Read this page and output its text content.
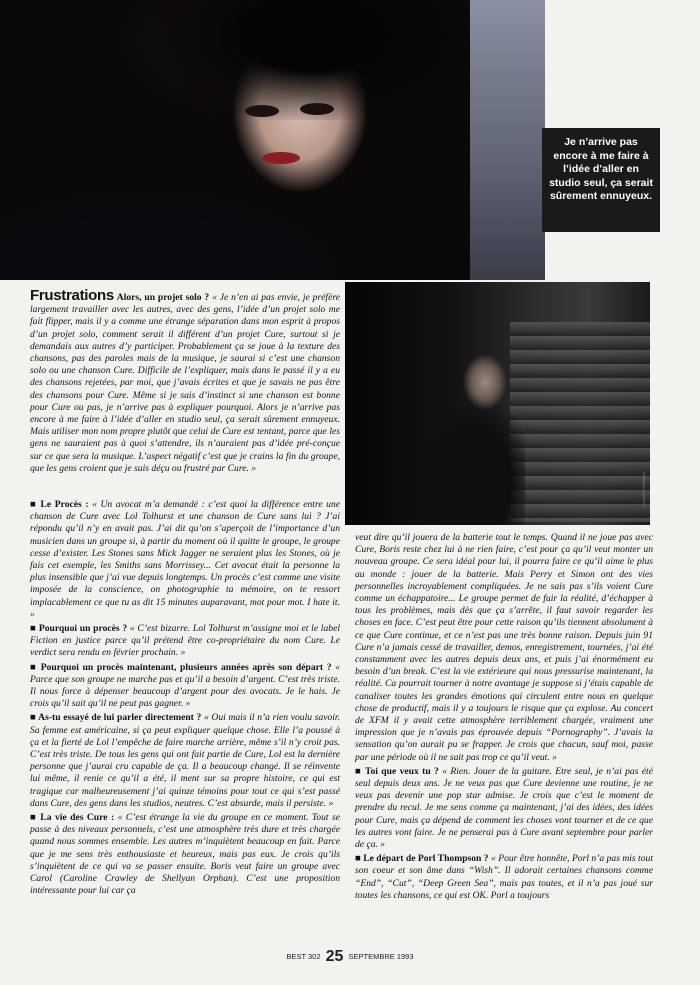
Je n’arrive pas encore à me faire à l’idée d’aller en studio seul, ça serait sûrement ennuyeux.
CLAUDE GASSIAN

Frustrations Alors, un projet solo ? « Je n’en ai pas envie, je préfère largement travailler avec les autres, avec des gens, l’idée d’un projet solo me fait flipper, mais il y a comme une étrange séparation dans mon esprit à propos d’un projet solo, comment serait il différent d’un projet Cure, surtout si je demandais aux autres d’y participer. Probablement ça se joue à la texture des chansons, pas des paroles mais de la musique, je saurai si c’est une chanson solo ou une chanson Cure. Difficile de l’expliquer, mais dans le passé il y a eu des chansons rejetées, par moi, que j’avais écrites et que je savais ne pas être des chansons pour Cure. Même si je sais d’instinct si une chanson est bonne pour Cure ou pas, je n’arrive pas à expliquer pourquoi. Alors je n’arrive pas encore à me faire à l’idée d’aller en studio seul, ça serait sûrement ennuyeux. Mais utiliser mon nom propre plutôt que celui de Cure est tentant, parce que les gens ne sauraient pas à quoi s’attendre, ils n’auraient pas d’idée pré-conçue sur ce que sera la musique. L’aspect négatif c’est que je crains la fin du groupe, que les gens croient que je suis déçu ou frustré par Cure. »

■ Le Procès : « Un avocat m’a demandé : c’est quoi la différence entre une chanson de Cure avec Lol Tolhurst et une chanson de Cure sans lui ? J’ai répondu qu’il n’y en avait pas. J’ai dit qu’on s’aperçoit de l’importance d’un musicien dans un groupe si, à partir du moment où il quitte le groupe, le groupe cesse d’exister. Les Stones sans Mick Jagger ne seraient plus les Stones, où je fais cet exemple, les Smiths sans Morrissey... Cet avocat était la personne la plus insensible que j’ai vue depuis longtemps. Un procès c’est comme une visite imposée de la conscience, on photographie ta mémoire, on te ressort implacablement ce que tu as dit 15 minutes auparavant, mot pour mot. I hate it. »

■ Pourquoi un procès ? « C’est bizarre. Lol Tolhurst m’assigne moi et le label Fiction en justice parce qu’il prétend être co-propriétaire du nom Cure. Le verdict sera rendu en février prochain. »

■ Pourquoi un procès maintenant, plusieurs années après son départ ? « Parce que son groupe ne marche pas et qu’il a besoin d’argent. C’est très triste. Il nous force à dépenser beaucoup d’argent pour des avocats. Je le hais. Je crois qu’il sait qu’il ne peut pas gagner. »

■ As-tu essayé de lui parler directement ? « Oui mais il n’a rien voulu savoir. Sa femme est américaine, si ça peut expliquer quelque chose. Elle l’a poussé à ça et la fierté de Lol l’empêche de faire marche arrière, même s’il n’y croit pas. C’est très triste. De tous les gens qui ont fait partie de Cure, Lol est la dernière personne que j’aurai cru capable de ça. Il a beaucoup changé. Il se réinvente lui même, il renie ce qu’il a été, il ment sur sa propre histoire, ce qui est tragique car malheureusement j’ai quinze témoins pour tout ce qui s’est passé dans Cure, des gens dans les studios, neutres. C’est absurde, mais il persiste. »

■ La vie des Cure : « C’est étrange la vie du groupe en ce moment. Tout se passe à des niveaux personnels, c’est une atmosphère très dure et très chargée quand nous sommes ensemble. Les autres m’inquiètent beaucoup en fait. Parce que je me sens très enthousiaste et heureux, mais pas eux. Je crois qu’ils s’inquiètent de ce qui va se passer ensuite. Boris veut faire un groupe avec Carol (Caroline Crawley de Shellyan Orphan). C’est une proposition intéressante pour lui car ça

veut dire qu’il jouera de la batterie tout le temps. Quand il ne joue pas avec Cure, Boris reste chez lui à ne rien faire, c’est pour ça qu’il veut monter un nouveau groupe. Ce sera idéal pour lui, il pourra faire ce qu’il aime le plus au monde : jouer de la batterie. Mais Perry et Simon ont des vies personnelles incroyablement compliquées. Je ne sais pas s’ils voient Cure comme un échappatoire... Le groupe permet de fuir la réalité, d’échapper à tous les problèmes, mais dès que ça s’arrête, il faut savoir regarder les choses en face. C’est peut être pour cette raison qu’ils tiennent absolument à ce que Cure continue, et ce n’est pas une très bonne raison. Depuis juin 91 Cure n’a jamais cessé de travailler, demos, enregistrement, tournées, j’ai été constamment avec les autres depuis deux ans, et puis j’ai énormément eu besoin d’un break. C’est la vie extérieure qui nous pressurise maintenant, la réalité. Ca pourrait tourner à notre avantage je suppose si j’étais capable de canaliser toutes les grandes émotions qui circulent entre nous en quelque chose de productif, mais il y a toujours le risque que ça explose. Au concert de XFM il y avait cette atmosphère terriblement chargée, vraiment une impression que je n’avais pas éprouvée depuis “Pornography”. J’avais la sensation qu’on aurait pu se frapper. Je crois que chacun, sauf moi, passe par une période où il ne sait pas trop ce qu’il veut. »

■ Toi que veux tu ? « Rien. Jouer de la guitare. Etre seul, je n’ai pas été seul depuis deux ans. Je ne veux pas que Cure devienne une routine, je ne veux pas devenir une pop star admise. Je crois que c’est le moment de prendre du recul. Je me sens comme ça maintenant, j’ai des idées, des idées pour Cure, mais ça dépend de comment les choses vont tourner et de ce que les autres vont faire. Je ne penserai pas à Cure avant septembre pour parler de ça. »

■ Le départ de Porl Thompson ? « Pour être honnête, Porl n’a pas mis tout son coeur et son âme dans “Wish”. Il adorait certaines chansons comme “End”, “Cut”, “Deep Green Sea”, mais pas toutes, et il n’a pas joué sur toutes les chansons, ce qui est OK. Porl a toujours

BEST 302 25 SEPTEMBRE 1993
